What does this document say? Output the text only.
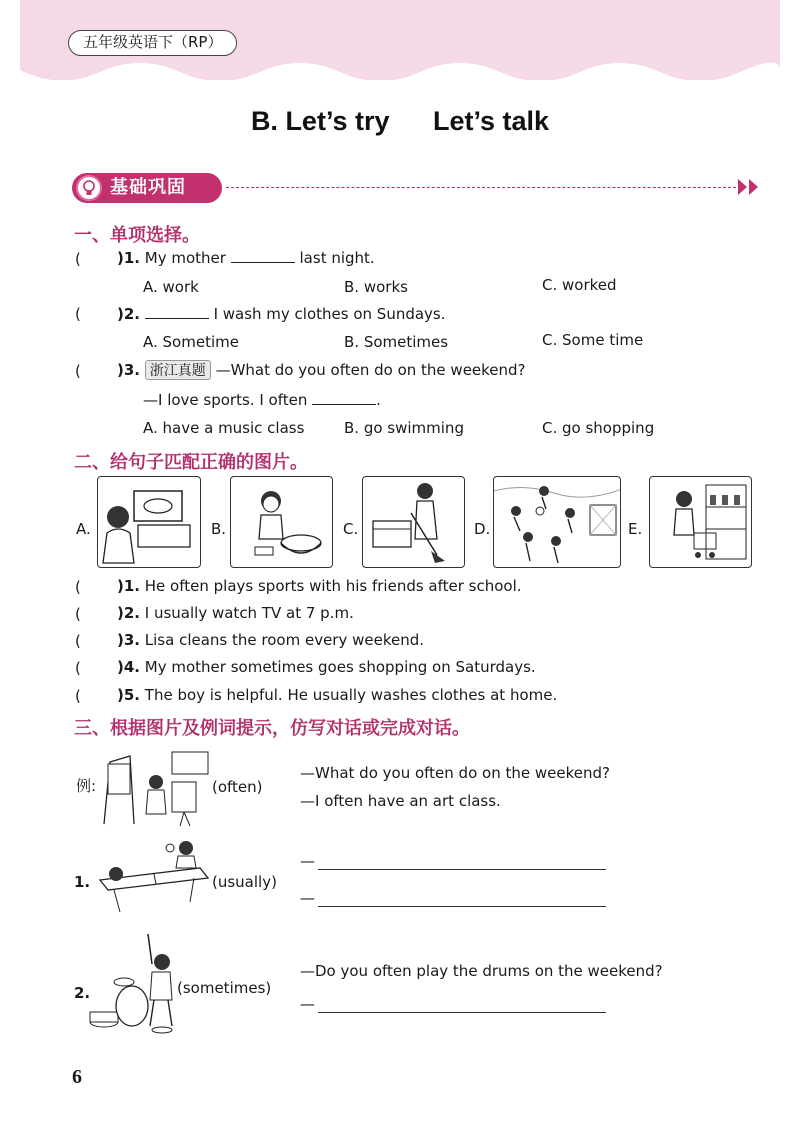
五年级英语下（RP）
B. Let’s try Let’s talk
基础巩固
一、单项选择。
( )1. My mother	last night.
A. work	B. works	C. worked
( )2.	I wash my clothes on Sundays.
A. Sometime	B. Sometimes	C. Some time
( )3. 浙江真题 —What do you often do on the weekend?
—I love sports. I often	.
A. have a music class	B. go swimming	C. go shopping
二、给句子匹配正确的图片。
A.	B.	C.	D.	E.
( )1. He often plays sports with his friends after school.
( )2. I usually watch TV at 7 p.m.
( )3. Lisa cleans the room every weekend.
( )4. My mother sometimes goes shopping on Saturdays.
( )5. The boy is helpful. He usually washes clothes at home.
三、根据图片及例词提示，仿写对话或完成对话。
例:	(often)
—What do you often do on the weekend?
—I often have an art class.
1.	(usually)
—
—
2.	(sometimes)
—Do you often play the drums on the weekend?
—
6
